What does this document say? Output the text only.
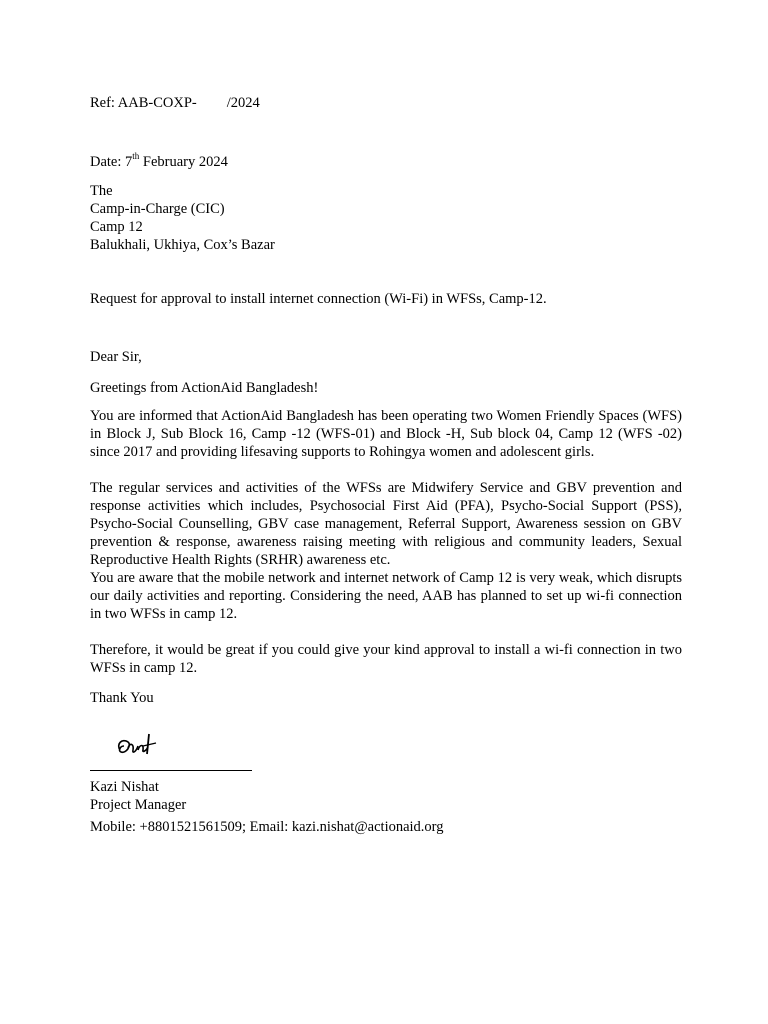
Ref: AAB-COXP- /2024
Date: 7th February 2024
The
Camp-in-Charge (CIC)
Camp 12
Balukhali, Ukhiya, Cox’s Bazar
Request for approval to install internet connection (Wi-Fi) in WFSs, Camp-12.
Dear Sir,
Greetings from ActionAid Bangladesh!
You are informed that ActionAid Bangladesh has been operating two Women Friendly Spaces (WFS) in Block J, Sub Block 16, Camp -12 (WFS-01) and Block -H, Sub block 04, Camp 12 (WFS -02) since 2017 and providing lifesaving supports to Rohingya women and adolescent girls.
The regular services and activities of the WFSs are Midwifery Service and GBV prevention and response activities which includes, Psychosocial First Aid (PFA), Psycho-Social Support (PSS), Psycho-Social Counselling, GBV case management, Referral Support, Awareness session on GBV prevention & response, awareness raising meeting with religious and community leaders, Sexual Reproductive Health Rights (SRHR) awareness etc.
You are aware that the mobile network and internet network of Camp 12 is very weak, which disrupts our daily activities and reporting. Considering the need, AAB has planned to set up wi-fi connection in two WFSs in camp 12.
Therefore, it would be great if you could give your kind approval to install a wi-fi connection in two WFSs in camp 12.
Thank You
Kazi Nishat
Project Manager
Mobile: +8801521561509; Email: kazi.nishat@actionaid.org
